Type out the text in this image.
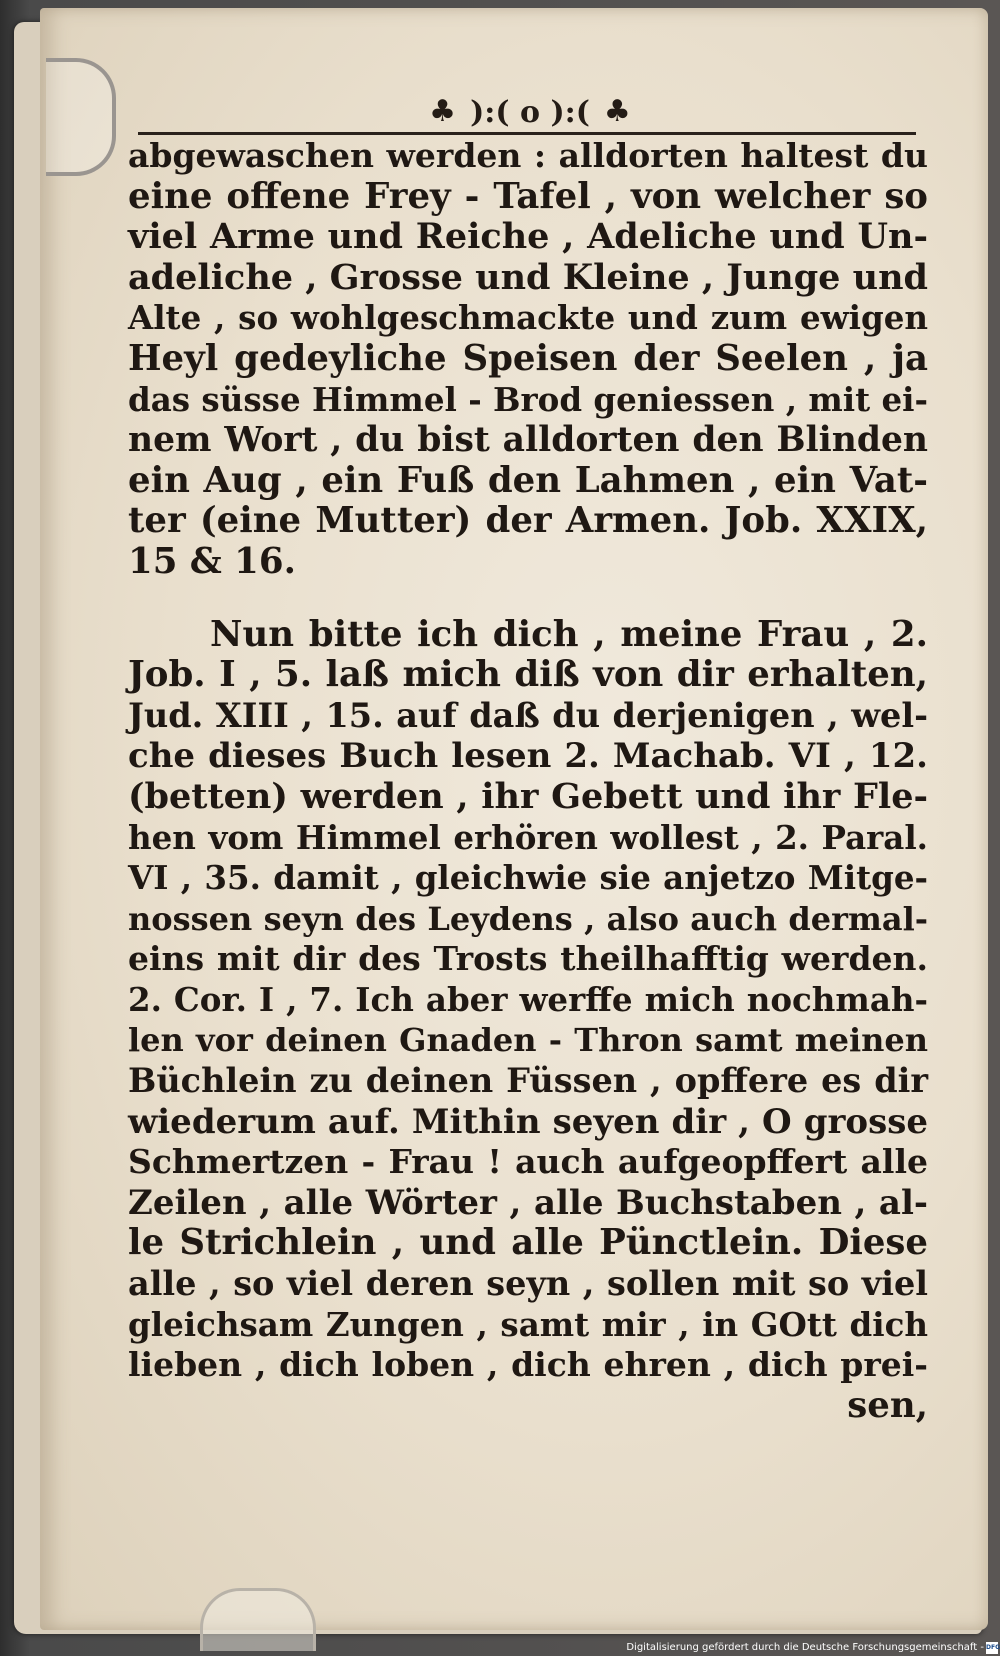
♣ ):( o ):( ♣
abgewaschen werden : alldorten haltest du
eine offene Frey - Tafel , von welcher so
viel Arme und Reiche , Adeliche und Un-
adeliche , Grosse und Kleine , Junge und
Alte , so wohlgeschmackte und zum ewigen
Heyl gedeyliche Speisen der Seelen , ja
das süsse Himmel - Brod geniessen , mit ei-
nem Wort , du bist alldorten den Blinden
ein Aug , ein Fuß den Lahmen , ein Vat-
ter (eine Mutter) der Armen. Job. XXIX,
15 & 16.
Nun bitte ich dich , meine Frau , 2.
Job. I , 5. laß mich diß von dir erhalten,
Jud. XIII , 15. auf daß du derjenigen , wel-
che dieses Buch lesen 2. Machab. VI , 12.
(betten) werden , ihr Gebett und ihr Fle-
hen vom Himmel erhören wollest , 2. Paral.
VI , 35. damit , gleichwie sie anjetzo Mitge-
nossen seyn des Leydens , also auch dermal-
eins mit dir des Trosts theilhafftig werden.
2. Cor. I , 7. Ich aber werffe mich nochmah-
len vor deinen Gnaden - Thron samt meinen
Büchlein zu deinen Füssen , opffere es dir
wiederum auf. Mithin seyen dir , O grosse
Schmertzen - Frau ! auch aufgeopffert alle
Zeilen , alle Wörter , alle Buchstaben , al-
le Strichlein , und alle Pünctlein. Diese
alle , so viel deren seyn , sollen mit so viel
gleichsam Zungen , samt mir , in GOtt dich
lieben , dich loben , dich ehren , dich prei-
sen,
Digitalisierung gefördert durch die Deutsche Forschungsgemeinschaft - DFG
